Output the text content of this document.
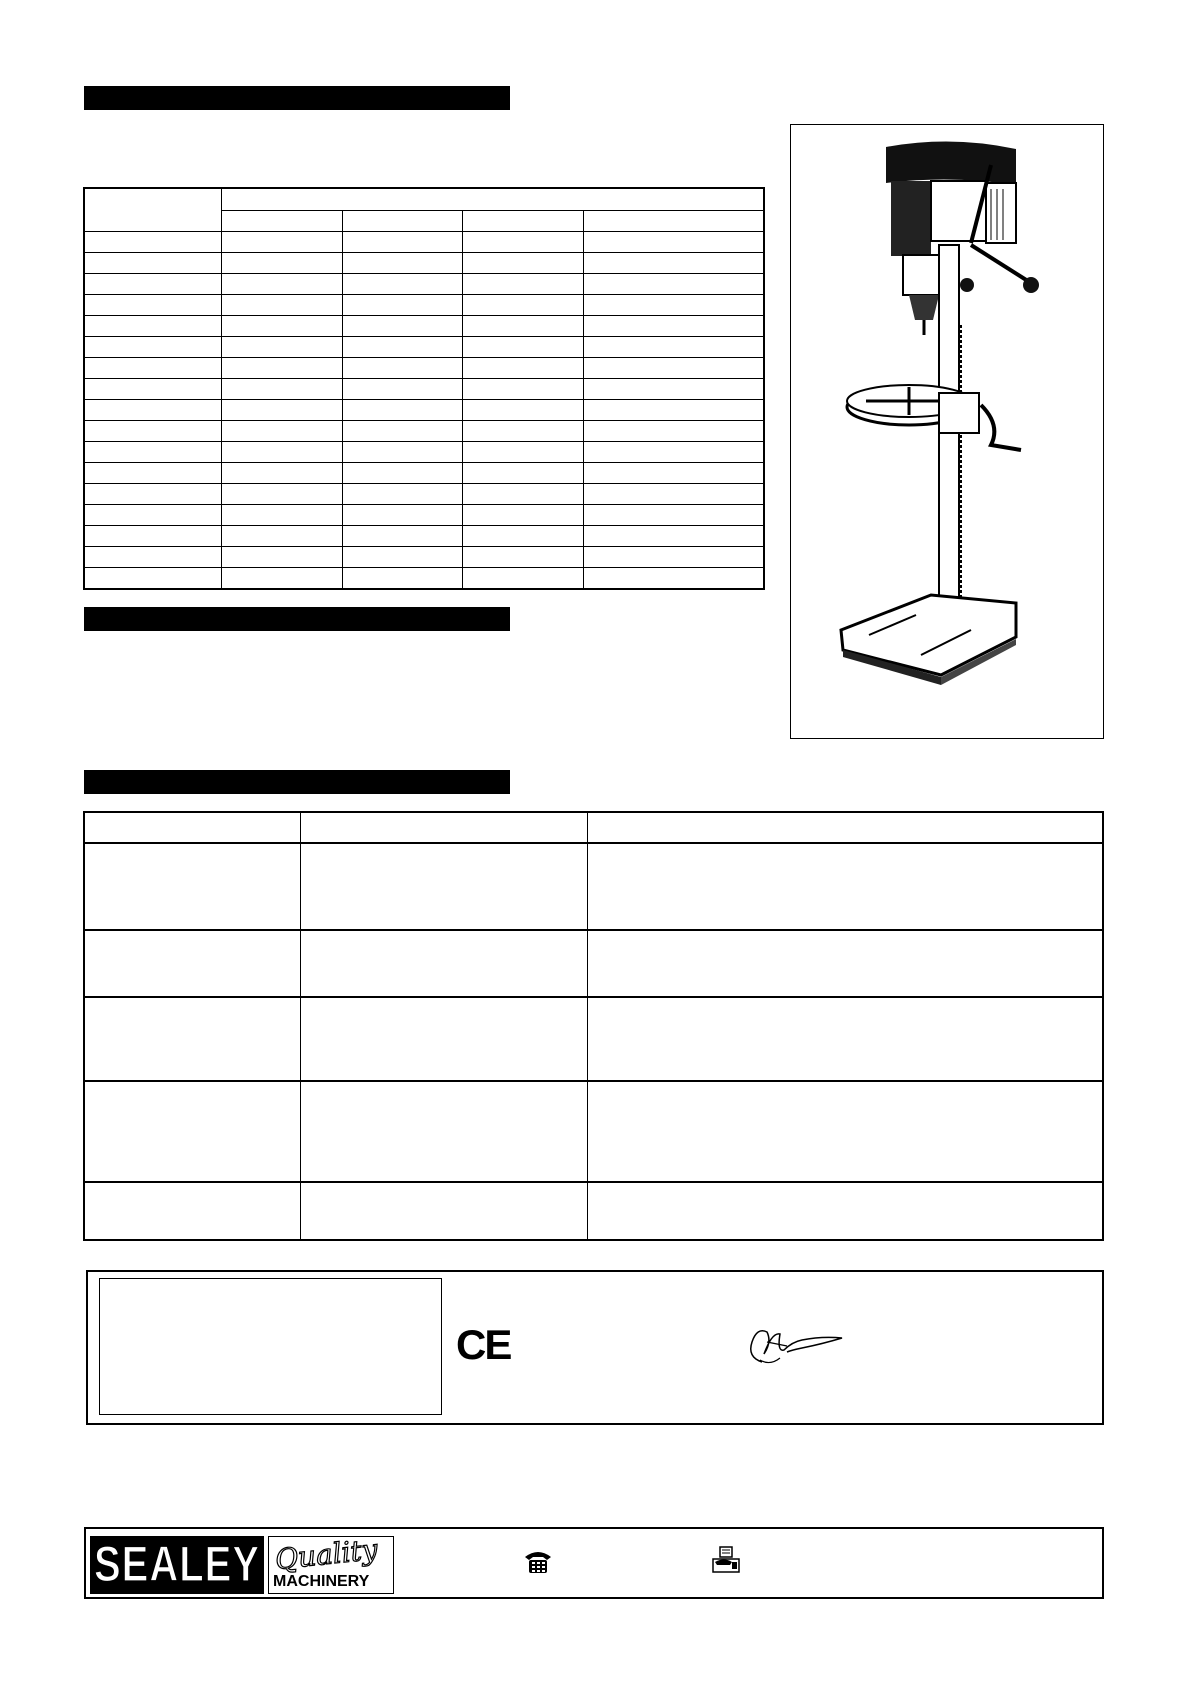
CE
SEALEY Quality
MACHINERY
